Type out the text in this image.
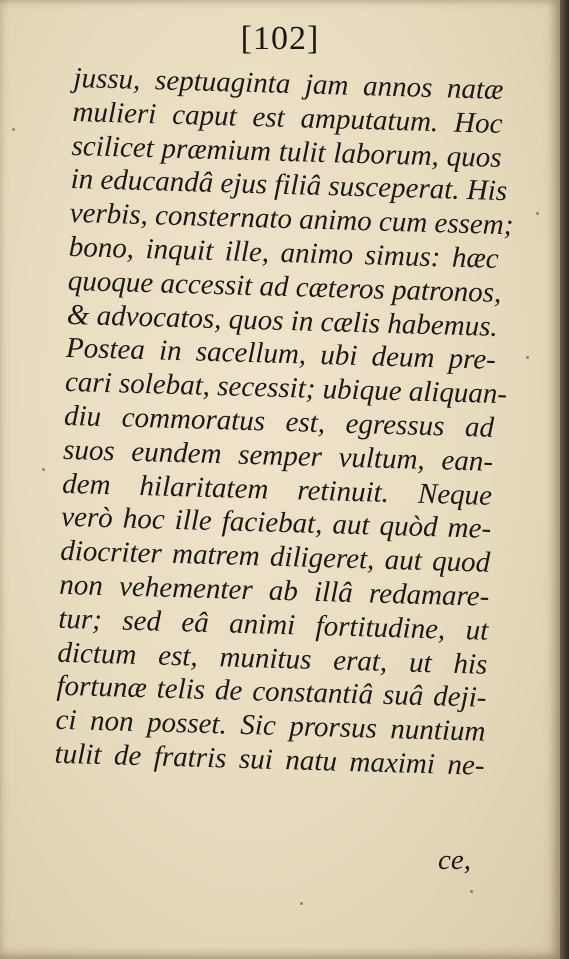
[102]
jussu, septuaginta jam annos natæ
mulieri caput est amputatum. Hoc
scilicet præmium tulit laborum, quos
in educandâ ejus filiâ susceperat. His
verbis, consternato animo cum essem;
bono, inquit ille, animo simus: hæc
quoque accessit ad cæteros patronos,
& advocatos, quos in cælis habemus.
Postea in sacellum, ubi deum pre-
cari solebat, secessit; ubique aliquan-
diu commoratus est, egressus ad
suos eundem semper vultum, ean-
dem hilaritatem retinuit. Neque
verò hoc ille faciebat, aut quòd me-
diocriter matrem diligeret, aut quod
non vehementer ab illâ redamare-
tur; sed eâ animi fortitudine, ut
dictum est, munitus erat, ut his
fortunæ telis de constantiâ suâ deji-
ci non posset. Sic prorsus nuntium
tulit de fratris sui natu maximi ne-
ce,
